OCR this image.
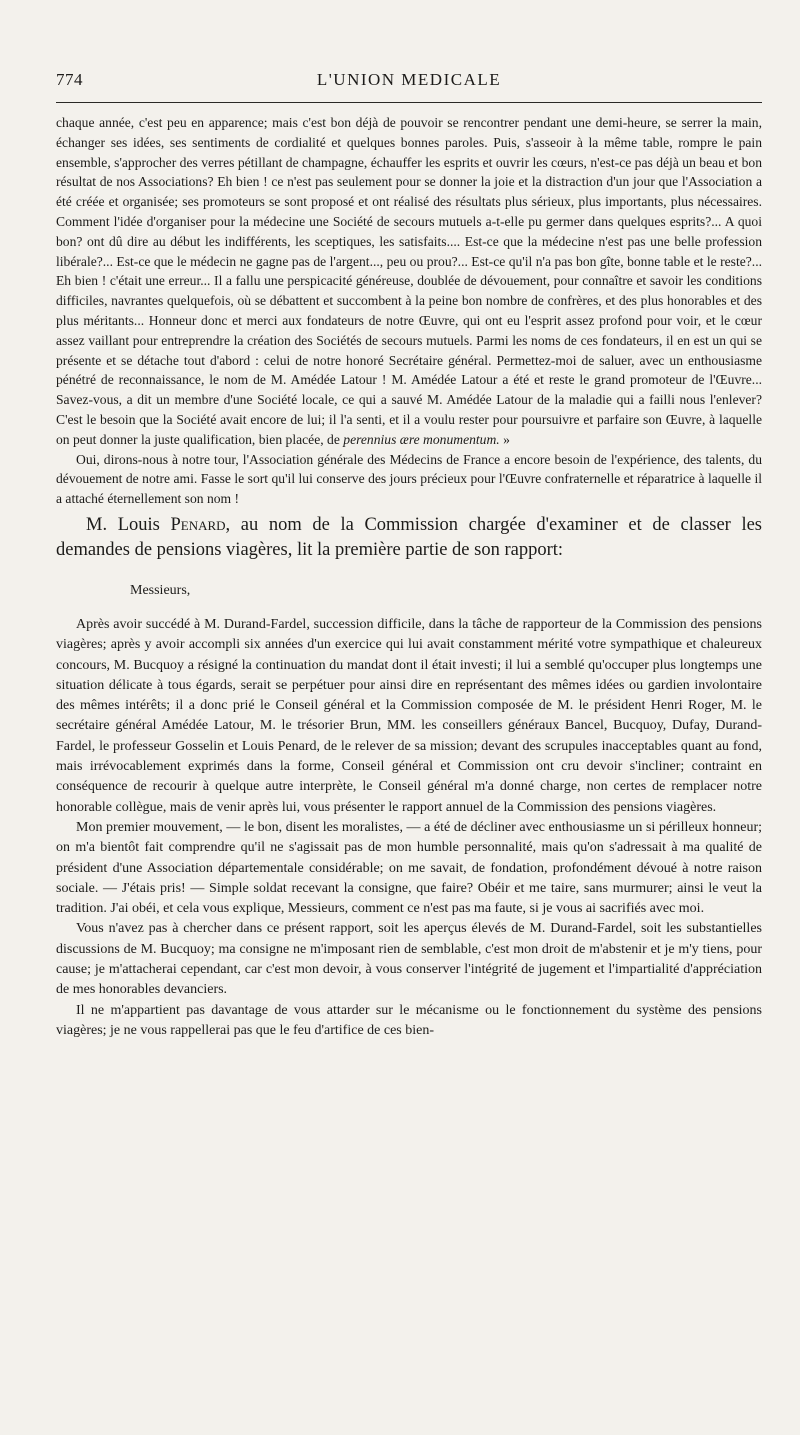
774	L'UNION MEDICALE

chaque année, c'est peu en apparence; mais c'est bon déjà de pouvoir se rencontrer pendant une demi-heure, se serrer la main, échanger ses idées, ses sentiments de cordialité et quelques bonnes paroles. Puis, s'asseoir à la même table, rompre le pain ensemble, s'approcher des verres pétillant de champagne, échauffer les esprits et ouvrir les cœurs, n'est-ce pas déjà un beau et bon résultat de nos Associations? Eh bien ! ce n'est pas seulement pour se donner la joie et la distraction d'un jour que l'Association a été créée et organisée; ses promoteurs se sont proposé et ont réalisé des résultats plus sérieux, plus importants, plus nécessaires. Comment l'idée d'organiser pour la médecine une Société de secours mutuels a-t-elle pu germer dans quelques esprits?... A quoi bon? ont dû dire au début les indifférents, les sceptiques, les satisfaits.... Est-ce que la médecine n'est pas une belle profession libérale?... Est-ce que le médecin ne gagne pas de l'argent..., peu ou prou?... Est-ce qu'il n'a pas bon gîte, bonne table et le reste?... Eh bien ! c'était une erreur... Il a fallu une perspicacité généreuse, doublée de dévouement, pour connaître et savoir les conditions difficiles, navrantes quelquefois, où se débattent et succombent à la peine bon nombre de confrères, et des plus honorables et des plus méritants... Honneur donc et merci aux fondateurs de notre Œuvre, qui ont eu l'esprit assez profond pour voir, et le cœur assez vaillant pour entreprendre la création des Sociétés de secours mutuels. Parmi les noms de ces fondateurs, il en est un qui se présente et se détache tout d'abord : celui de notre honoré Secrétaire général. Permettez-moi de saluer, avec un enthousiasme pénétré de reconnaissance, le nom de M. Amédée Latour ! M. Amédée Latour a été et reste le grand promoteur de l'Œuvre... Savez-vous, a dit un membre d'une Société locale, ce qui a sauvé M. Amédée Latour de la maladie qui a failli nous l'enlever? C'est le besoin que la Société avait encore de lui; il l'a senti, et il a voulu rester pour poursuivre et parfaire son Œuvre, à laquelle on peut donner la juste qualification, bien placée, de perennius ære monumentum. »

Oui, dirons-nous à notre tour, l'Association générale des Médecins de France a encore besoin de l'expérience, des talents, du dévouement de notre ami. Fasse le sort qu'il lui conserve des jours précieux pour l'Œuvre confraternelle et réparatrice à laquelle il a attaché éternellement son nom !

M. Louis Penard, au nom de la Commission chargée d'examiner et de classer les demandes de pensions viagères, lit la première partie de son rapport:

Messieurs,

Après avoir succédé à M. Durand-Fardel, succession difficile, dans la tâche de rapporteur de la Commission des pensions viagères; après y avoir accompli six années d'un exercice qui lui avait constamment mérité votre sympathique et chaleureux concours, M. Bucquoy a résigné la continuation du mandat dont il était investi; il lui a semblé qu'occuper plus longtemps une situation délicate à tous égards, serait se perpétuer pour ainsi dire en représentant des mêmes idées ou gardien involontaire des mêmes intérêts; il a donc prié le Conseil général et la Commission composée de M. le président Henri Roger, M. le secrétaire général Amédée Latour, M. le trésorier Brun, MM. les conseillers généraux Bancel, Bucquoy, Dufay, Durand-Fardel, le professeur Gosselin et Louis Penard, de le relever de sa mission; devant des scrupules inacceptables quant au fond, mais irrévocablement exprimés dans la forme, Conseil général et Commission ont cru devoir s'incliner; contraint en conséquence de recourir à quelque autre interprète, le Conseil général m'a donné charge, non certes de remplacer notre honorable collègue, mais de venir après lui, vous présenter le rapport annuel de la Commission des pensions viagères.

Mon premier mouvement, — le bon, disent les moralistes, — a été de décliner avec enthousiasme un si périlleux honneur; on m'a bientôt fait comprendre qu'il ne s'agissait pas de mon humble personnalité, mais qu'on s'adressait à ma qualité de président d'une Association départementale considérable; on me savait, de fondation, profondément dévoué à notre raison sociale. — J'étais pris! — Simple soldat recevant la consigne, que faire? Obéir et me taire, sans murmurer; ainsi le veut la tradition. J'ai obéi, et cela vous explique, Messieurs, comment ce n'est pas ma faute, si je vous ai sacrifiés avec moi.

Vous n'avez pas à chercher dans ce présent rapport, soit les aperçus élevés de M. Durand-Fardel, soit les substantielles discussions de M. Bucquoy; ma consigne ne m'imposant rien de semblable, c'est mon droit de m'abstenir et je m'y tiens, pour cause; je m'attacherai cependant, car c'est mon devoir, à vous conserver l'intégrité de jugement et l'impartialité d'appréciation de mes honorables devanciers.

Il ne m'appartient pas davantage de vous attarder sur le mécanisme ou le fonctionnement du système des pensions viagères; je ne vous rappellerai pas que le feu d'artifice de ces bien-
